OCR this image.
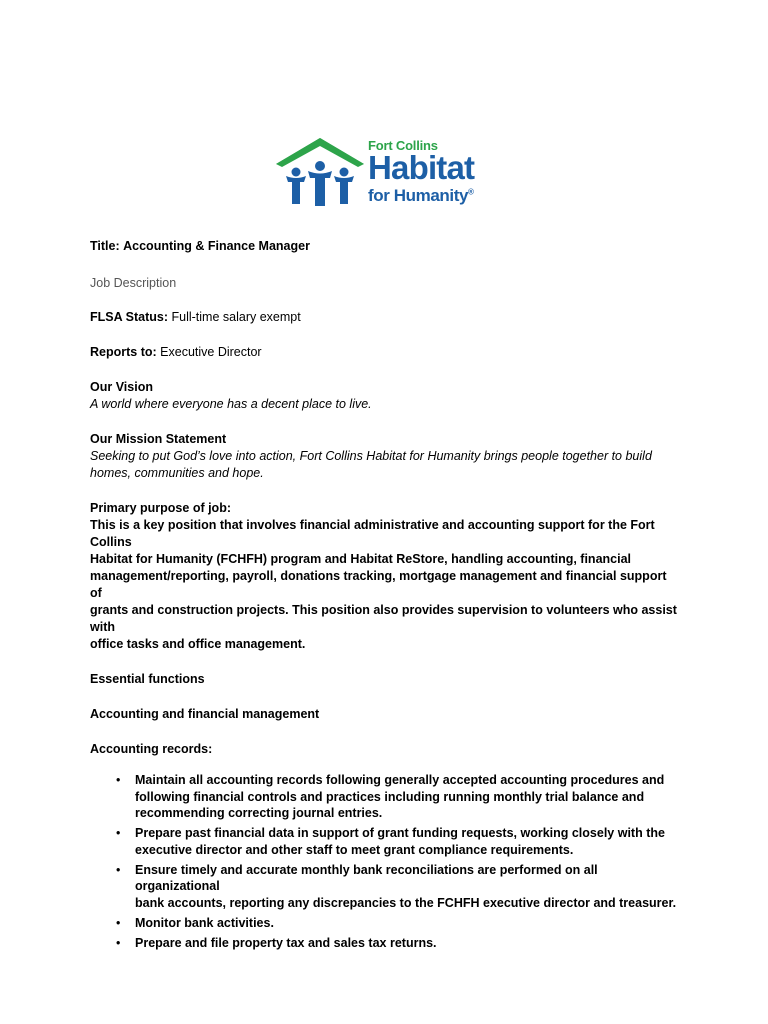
Fort Collins
Habitat
for Humanity®

Title: Accounting & Finance Manager

Job Description

FLSA Status: Full-time salary exempt

Reports to: Executive Director

Our Vision

A world where everyone has a decent place to live.

Our Mission Statement

Seeking to put God’s love into action, Fort Collins Habitat for Humanity brings people together to build

homes, communities and hope.

Primary purpose of job:

This is a key position that involves financial administrative and accounting support for the Fort Collins

Habitat for Humanity (FCHFH) program and Habitat ReStore, handling accounting, financial

management/reporting, payroll, donations tracking, mortgage management and financial support of

grants and construction projects. This position also provides supervision to volunteers who assist with

office tasks and office management.

Essential functions

Accounting and financial management

Accounting records:

• Maintain all accounting records following generally accepted accounting procedures and
following financial controls and practices including running monthly trial balance and
recommending correcting journal entries.
• Prepare past financial data in support of grant funding requests, working closely with the
executive director and other staff to meet grant compliance requirements.
• Ensure timely and accurate monthly bank reconciliations are performed on all organizational
bank accounts, reporting any discrepancies to the FCHFH executive director and treasurer.
• Monitor bank activities.
• Prepare and file property tax and sales tax returns.
